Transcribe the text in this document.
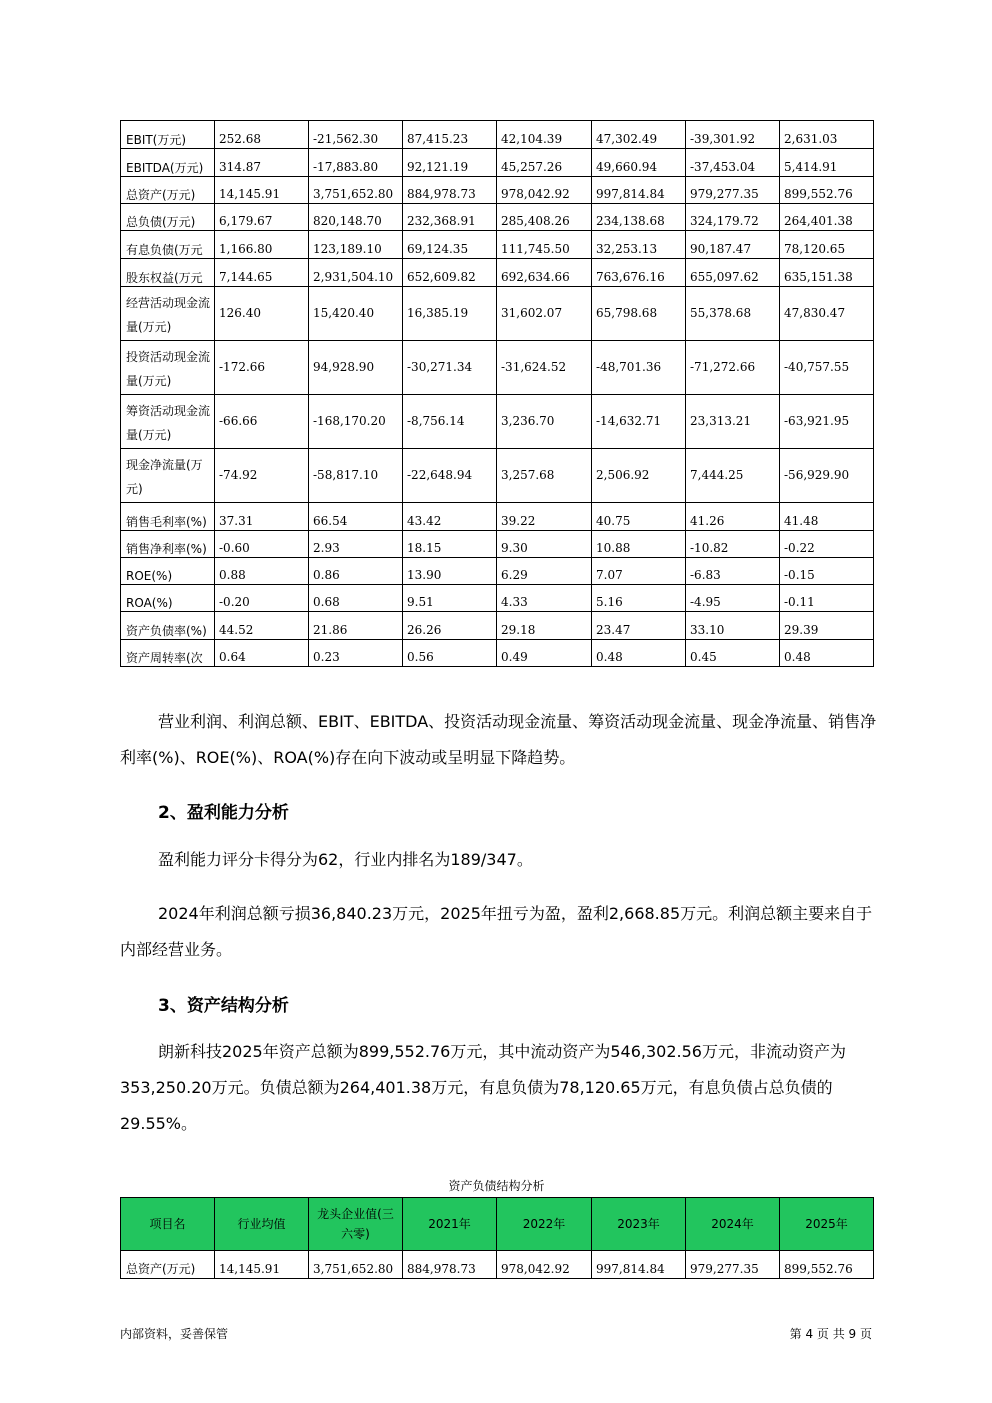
EBIT(万元)	252.68	-21,562.30	87,415.23	42,104.39	47,302.49	-39,301.92	2,631.03
EBITDA(万元)	314.87	-17,883.80	92,121.19	45,257.26	49,660.94	-37,453.04	5,414.91
总资产(万元)	14,145.91	3,751,652.80	884,978.73	978,042.92	997,814.84	979,277.35	899,552.76
总负债(万元)	6,179.67	820,148.70	232,368.91	285,408.26	234,138.68	324,179.72	264,401.38
有息负债(万元	1,166.80	123,189.10	69,124.35	111,745.50	32,253.13	90,187.47	78,120.65
股东权益(万元	7,144.65	2,931,504.10	652,609.82	692,634.66	763,676.16	655,097.62	635,151.38
经营活动现金流量(万元)	126.40	15,420.40	16,385.19	31,602.07	65,798.68	55,378.68	47,830.47
投资活动现金流量(万元)	-172.66	94,928.90	-30,271.34	-31,624.52	-48,701.36	-71,272.66	-40,757.55
筹资活动现金流量(万元)	-66.66	-168,170.20	-8,756.14	3,236.70	-14,632.71	23,313.21	-63,921.95
现金净流量(万元)	-74.92	-58,817.10	-22,648.94	3,257.68	2,506.92	7,444.25	-56,929.90
销售毛利率(%)	37.31	66.54	43.42	39.22	40.75	41.26	41.48
销售净利率(%)	-0.60	2.93	18.15	9.30	10.88	-10.82	-0.22
ROE(%)	0.88	0.86	13.90	6.29	7.07	-6.83	-0.15
ROA(%)	-0.20	0.68	9.51	4.33	5.16	-4.95	-0.11
资产负债率(%)	44.52	21.86	26.26	29.18	23.47	33.10	29.39
资产周转率(次	0.64	0.23	0.56	0.49	0.48	0.45	0.48

营业利润、利润总额、EBIT、EBITDA、投资活动现金流量、筹资活动现金流量、现金净流量、销售净利率(%)、ROE(%)、ROA(%)存在向下波动或呈明显下降趋势。

2、盈利能力分析

盈利能力评分卡得分为62，行业内排名为189/347。

2024年利润总额亏损36,840.23万元，2025年扭亏为盈，盈利2,668.85万元。利润总额主要来自于内部经营业务。

3、资产结构分析

朗新科技2025年资产总额为899,552.76万元，其中流动资产为546,302.56万元，非流动资产为353,250.20万元。负债总额为264,401.38万元，有息负债为78,120.65万元，有息负债占总负债的29.55%。

资产负债结构分析
项目名	行业均值	龙头企业值(三六零)	2021年	2022年	2023年	2024年	2025年
总资产(万元)	14,145.91	3,751,652.80	884,978.73	978,042.92	997,814.84	979,277.35	899,552.76
内部资料，妥善保管	第 4 页 共 9 页
